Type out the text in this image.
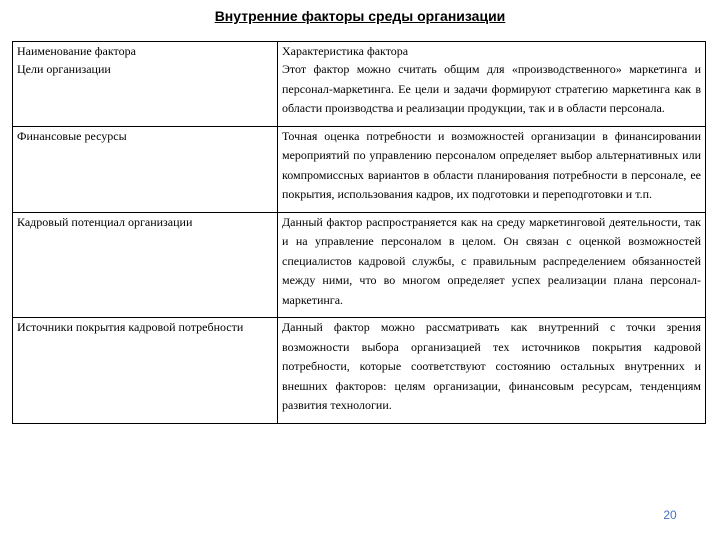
Внутренние факторы среды организации
Наименование фактора	Характеристика фактора
Цели организации	Этот фактор можно считать общим для «производственного» маркетинга и персонал-маркетинга. Ее цели и задачи формируют стратегию маркетинга как в области производства и реализации продукции, так и в области персонала.

Финансовые ресурсы	Точная оценка потребности и возможностей организации в финансировании мероприятий по управлению персоналом определяет выбор альтернативных или компромиссных вариантов в области планирования потребности в персонале, ее покрытия, использования кадров, их подготовки и переподготовки и т.п.

Кадровый потенциал организации	Данный фактор распространяется как на среду маркетинговой деятельности, так и на управление персоналом в целом. Он связан с оценкой возможностей специалистов кадровой службы, с правильным распределением обязанностей между ними, что во многом определяет успех реализации плана персонал-маркетинга.

Источники покрытия кадровой потребности	Данный фактор можно рассматривать как внутренний с точки зрения возможности выбора организацией тех источников покрытия кадровой потребности, которые соответствуют состоянию остальных внутренних и внешних факторов: целям организации, финансовым ресурсам, тенденциям развития технологии.
20
